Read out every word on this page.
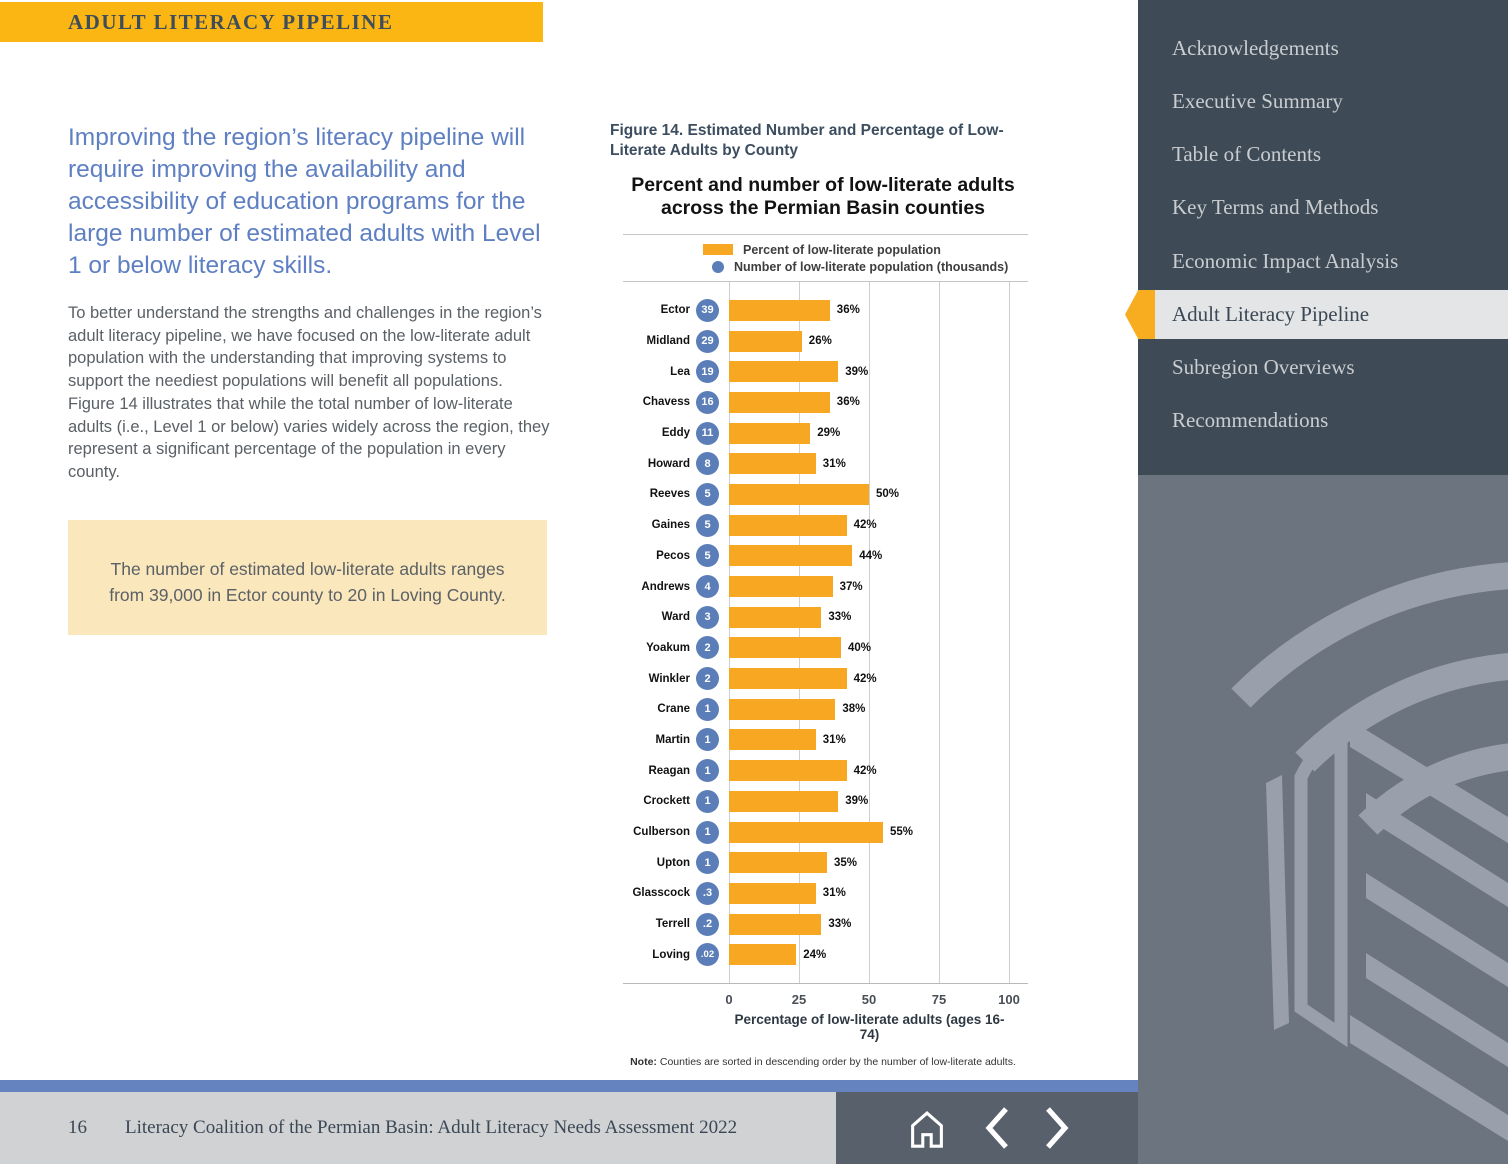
ADULT LITERACY PIPELINE
Improving the region’s literacy pipeline will require improving the availability and accessibility of education programs for the large number of estimated adults with Level 1 or below literacy skills.
To better understand the strengths and challenges in the region’s adult literacy pipeline, we have focused on the low-literate adult population with the understanding that improving systems to support the neediest populations will benefit all populations. Figure 14 illustrates that while the total number of low-literate adults (i.e., Level 1 or below) varies widely across the region, they represent a significant percentage of the population in every county.
The number of estimated low-literate adults ranges from 39,000 in Ector county to 20 in Loving County.
Figure 14. Estimated Number and Percentage of Low-Literate Adults by County
Percent and number of low-literate adults across the Permian Basin counties
Percent of low-literate population
Number of low-literate population (thousands)
Ector	39	36%
Midland	29	26%
Lea	19	39%
Chavess	16	36%
Eddy	11	29%
Howard	8	31%
Reeves	5	50%
Gaines	5	42%
Pecos	5	44%
Andrews	4	37%
Ward	3	33%
Yoakum	2	40%
Winkler	2	42%
Crane	1	38%
Martin	1	31%
Reagan	1	42%
Crockett	1	39%
Culberson	1	55%
Upton	1	35%
Glasscock	.3	31%
Terrell	.2	33%
Loving	.02	24%
0	25	50	75	100
Percentage of low-literate adults (ages 16-74)
Note: Counties are sorted in descending order by the number of low-literate adults.
16 Literacy Coalition of the Permian Basin: Adult Literacy Needs Assessment 2022
Acknowledgements
Executive Summary
Table of Contents
Key Terms and Methods
Economic Impact Analysis
Adult Literacy Pipeline
Subregion Overviews
Recommendations
